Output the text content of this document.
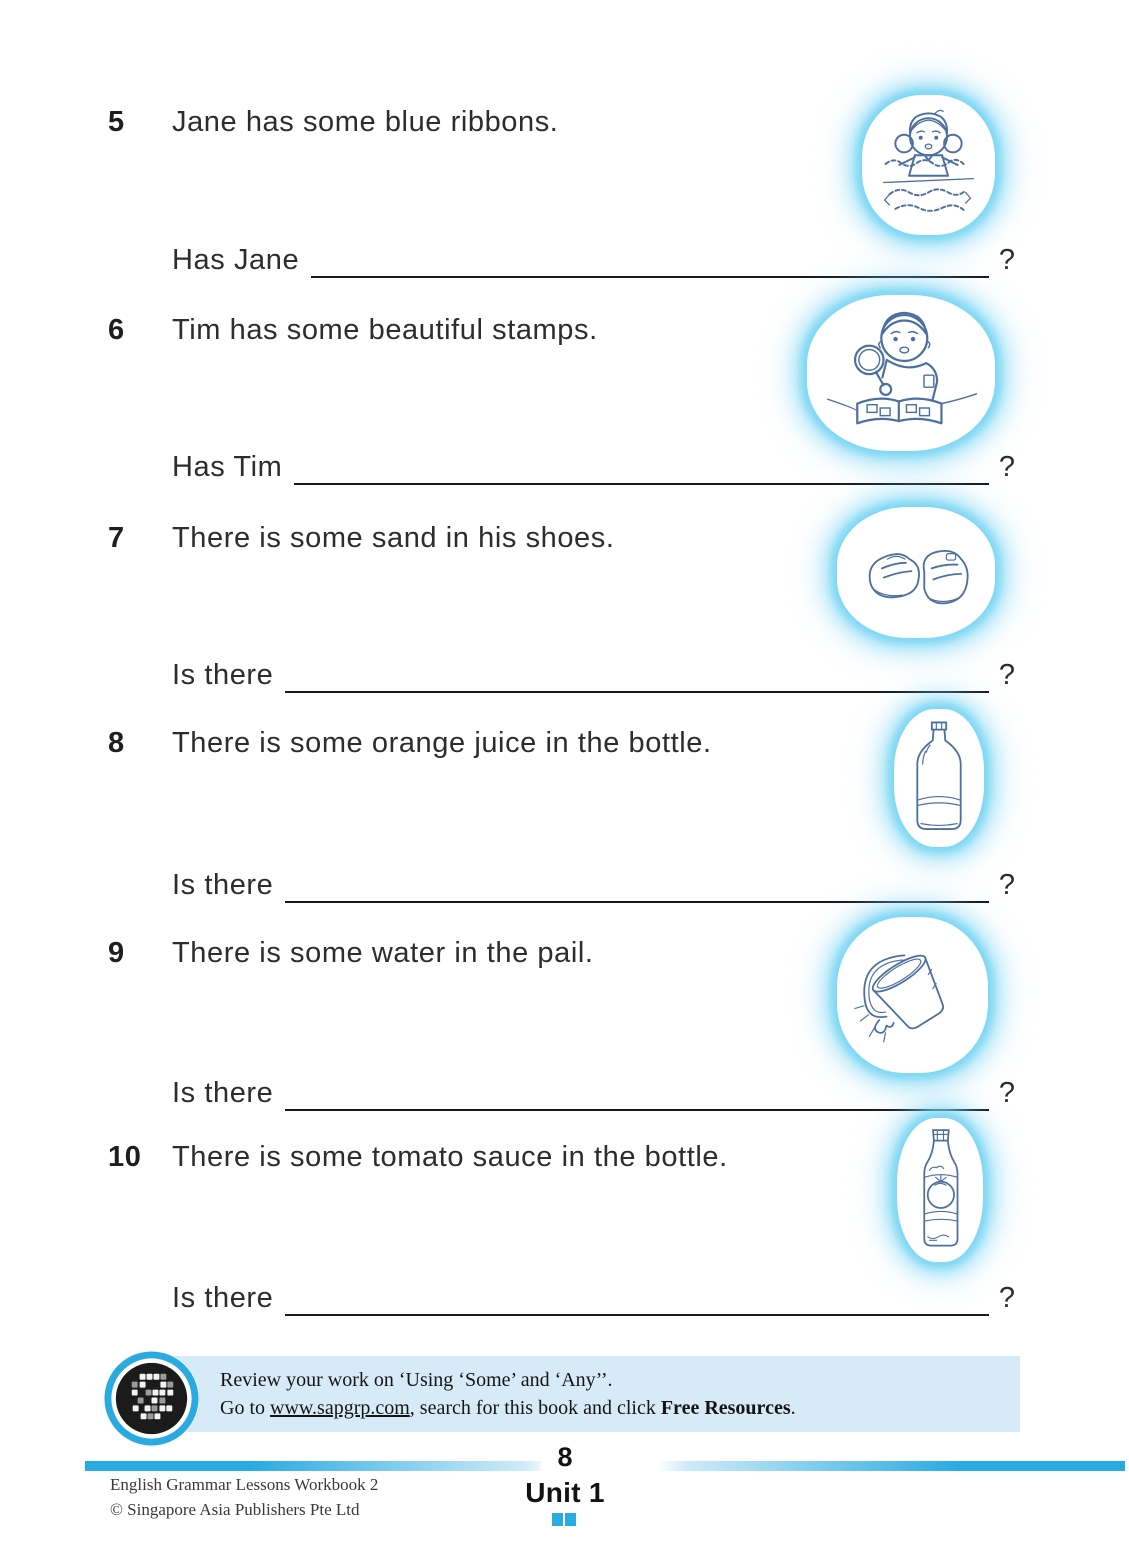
5	Jane has some blue ribbons.
Has Jane	?
6	Tim has some beautiful stamps.
Has Tim	?
7	There is some sand in his shoes.
Is there	?
8	There is some orange juice in the bottle.
Is there	?
9	There is some water in the pail.
Is there	?
10	There is some tomato sauce in the bottle.
Is there	?
Review your work on ‘Using ‘Some’ and ‘Any’’.
Go to www.sapgrp.com, search for this book and click Free Resources.
8
Unit 1
English Grammar Lessons Workbook 2
© Singapore Asia Publishers Pte Ltd
